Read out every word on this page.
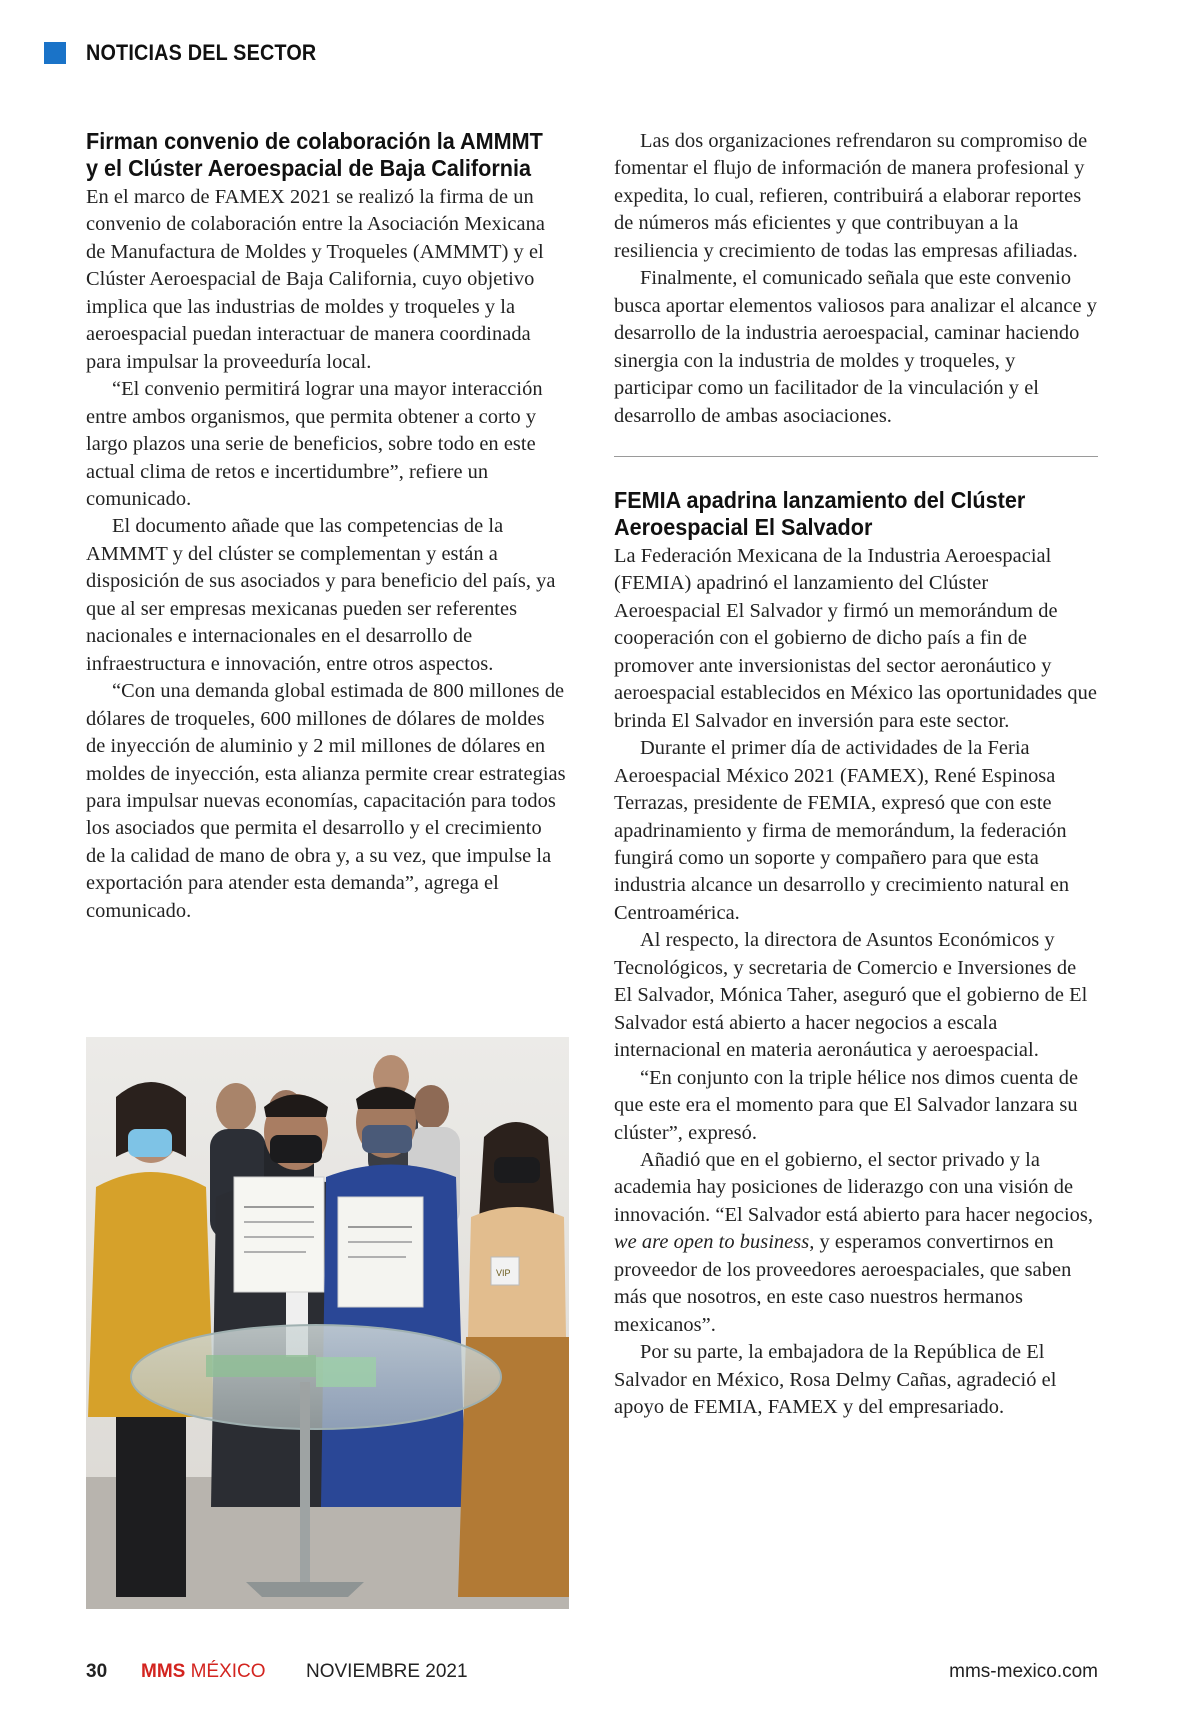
NOTICIAS DEL SECTOR
Firman convenio de colaboración la AMMMT
y el Clúster Aeroespacial de Baja California

En el marco de FAMEX 2021 se realizó la firma de un convenio de colaboración entre la Asociación Mexicana de Manufactura de Moldes y Troqueles (AMMMT) y el Clúster Aeroespacial de Baja California, cuyo objetivo implica que las industrias de moldes y troqueles y la aeroespacial puedan interactuar de manera coordinada para impulsar la proveeduría local.

“El convenio permitirá lograr una mayor interacción entre ambos organismos, que permita obtener a corto y largo plazos una serie de beneficios, sobre todo en este actual clima de retos e incertidumbre”, refiere un comunicado.

El documento añade que las competencias de la AMMMT y del clúster se complementan y están a disposición de sus asociados y para beneficio del país, ya que al ser empresas mexicanas pueden ser referentes nacionales e internacionales en el desarrollo de infraestructura e innovación, entre otros aspectos.

“Con una demanda global estimada de 800 millones de dólares de troqueles, 600 millones de dólares de moldes de inyección de aluminio y 2 mil millones de dólares en moldes de inyección, esta alianza permite crear estrategias para impulsar nuevas economías, capacitación para todos los asociados que permita el desarrollo y el crecimiento de la calidad de mano de obra y, a su vez, que impulse la exportación para atender esta demanda”, agrega el comunicado.

VIP

Las dos organizaciones refrendaron su compromiso de fomentar el flujo de información de manera profesional y expedita, lo cual, refieren, contribuirá a elaborar reportes de números más eficientes y que contribuyan a la resiliencia y crecimiento de todas las empresas afiliadas.

Finalmente, el comunicado señala que este convenio busca aportar elementos valiosos para analizar el alcance y desarrollo de la industria aeroespacial, caminar haciendo sinergia con la industria de moldes y troqueles, y participar como un facilitador de la vinculación y el desarrollo de ambas asociaciones.

FEMIA apadrina lanzamiento del Clúster
Aeroespacial El Salvador

La Federación Mexicana de la Industria Aeroespacial (FEMIA) apadrinó el lanzamiento del Clúster Aeroespacial El Salvador y firmó un memorándum de cooperación con el gobierno de dicho país a fin de promover ante inversionistas del sector aeronáutico y aeroespacial establecidos en México las oportunidades que brinda El Salvador en inversión para este sector.

Durante el primer día de actividades de la Feria Aeroespacial México 2021 (FAMEX), René Espinosa Terrazas, presidente de FEMIA, expresó que con este apadrinamiento y firma de memorándum, la federación fungirá como un soporte y compañero para que esta industria alcance un desarrollo y crecimiento natural en Centroamérica.

Al respecto, la directora de Asuntos Económicos y Tecnológicos, y secretaria de Comercio e Inversiones de El Salvador, Mónica Taher, aseguró que el gobierno de El Salvador está abierto a hacer negocios a escala internacional en materia aeronáutica y aeroespacial.

“En conjunto con la triple hélice nos dimos cuenta de que este era el momento para que El Salvador lanzara su clúster”, expresó.

Añadió que en el gobierno, el sector privado y la academia hay posiciones de liderazgo con una visión de innovación. “El Salvador está abierto para hacer negocios, we are open to business, y esperamos convertirnos en proveedor de los proveedores aeroespaciales, que saben más que nosotros, en este caso nuestros hermanos mexicanos”.

Por su parte, la embajadora de la República de El Salvador en México, Rosa Delmy Cañas, agradeció el apoyo de FEMIA, FAMEX y del empresariado.

30 MMS MÉXICO NOVIEMBRE 2021	mms-mexico.com
